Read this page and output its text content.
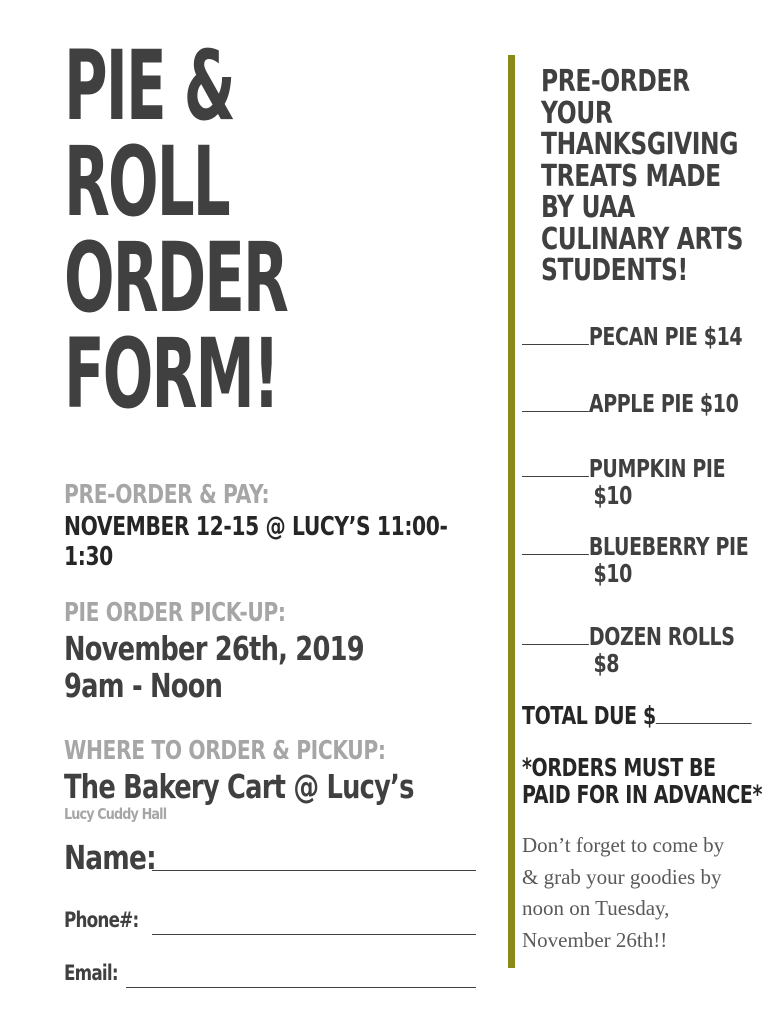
PIE &
ROLL
ORDER
FORM!
PRE-ORDER & PAY:
NOVEMBER 12-15 @ LUCY’S 11:00-1:30
PIE ORDER PICK-UP:
November 26th, 2019
9am - Noon
WHERE TO ORDER & PICKUP:
The Bakery Cart @ Lucy’s
Lucy Cuddy Hall
Name:
Phone#:
Email:
PRE-ORDER
YOUR
THANKSGIVING
TREATS MADE
BY UAA
CULINARY ARTS
STUDENTS!
PECAN PIE $14
APPLE PIE $10
PUMPKIN PIE
$10
BLUEBERRY PIE
$10
DOZEN ROLLS
$8
TOTAL DUE $
*ORDERS MUST BE
PAID FOR IN ADVANCE*
Don’t forget to come by
& grab your goodies by
noon on Tuesday,
November 26th!!
